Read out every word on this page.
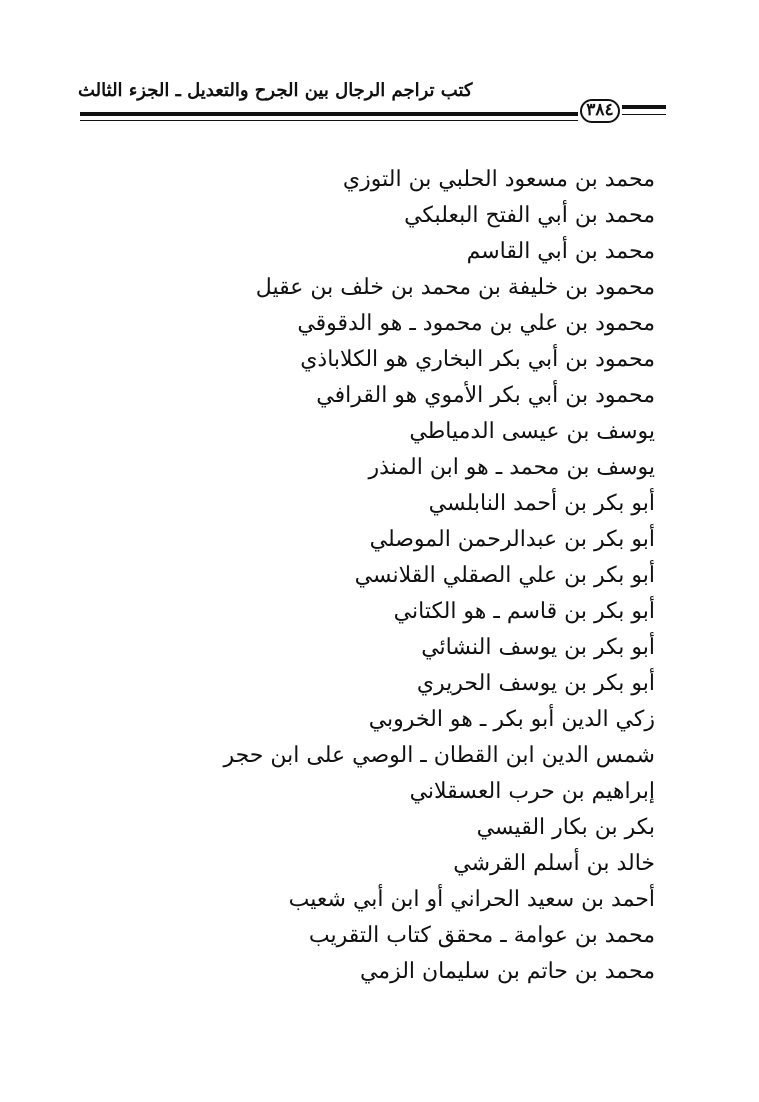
كتب تراجم الرجال بين الجرح والتعديل ـ الجزء الثالث
٣٨٤
محمد بن مسعود الحلبي بن التوزي
محمد بن أبي الفتح البعلبكي
محمد بن أبي القاسم
محمود بن خليفة بن محمد بن خلف بن عقيل
محمود بن علي بن محمود ـ هو الدقوقي
محمود بن أبي بكر البخاري هو الكلاباذي
محمود بن أبي بكر الأموي هو القرافي
يوسف بن عيسى الدمياطي
يوسف بن محمد ـ هو ابن المنذر
أبو بكر بن أحمد النابلسي
أبو بكر بن عبدالرحمن الموصلي
أبو بكر بن علي الصقلي القلانسي
أبو بكر بن قاسم ـ هو الكتاني
أبو بكر بن يوسف النشائي
أبو بكر بن يوسف الحريري
زكي الدين أبو بكر ـ هو الخروبي
شمس الدين ابن القطان ـ الوصي على ابن حجر
إبراهيم بن حرب العسقلاني
بكر بن بكار القيسي
خالد بن أسلم القرشي
أحمد بن سعيد الحراني أو ابن أبي شعيب
محمد بن عوامة ـ محقق كتاب التقريب
محمد بن حاتم بن سليمان الزمي
